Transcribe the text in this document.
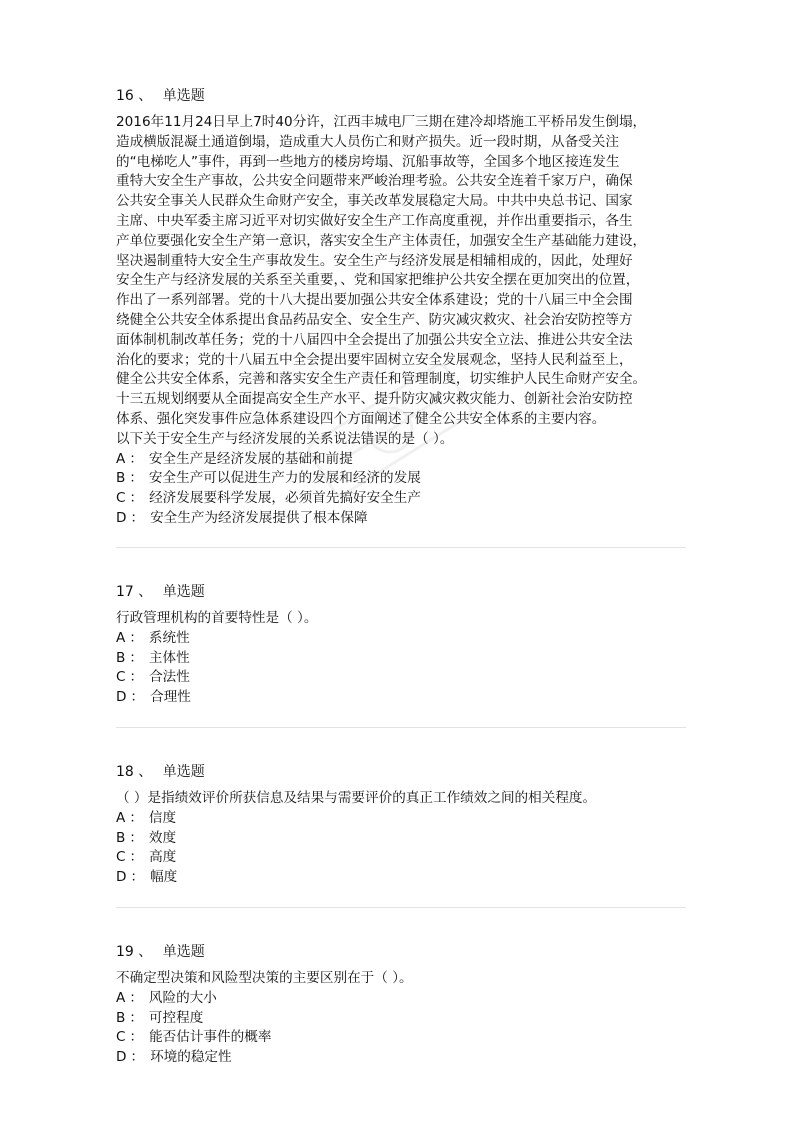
16 、 单选题
2016年11月24日早上7时40分许，江西丰城电厂三期在建冷却塔施工平桥吊发生倒塌，
造成横版混凝土通道倒塌，造成重大人员伤亡和财产损失。近一段时期，从备受关注
的“电梯吃人”事件，再到一些地方的楼房垮塌、沉船事故等，全国多个地区接连发生
重特大安全生产事故，公共安全问题带来严峻治理考验。公共安全连着千家万户，确保
公共安全事关人民群众生命财产安全，事关改革发展稳定大局。中共中央总书记、国家
主席、中央军委主席习近平对切实做好安全生产工作高度重视，并作出重要指示，各生
产单位要强化安全生产第一意识，落实安全生产主体责任，加强安全生产基础能力建设，
坚决遏制重特大安全生产事故发生。安全生产与经济发展是相辅相成的，因此，处理好
安全生产与经济发展的关系至关重要，、党和国家把维护公共安全摆在更加突出的位置，
作出了一系列部署。党的十八大提出要加强公共安全体系建设；党的十八届三中全会围
绕健全公共安全体系提出食品药品安全、安全生产、防灾减灾救灾、社会治安防控等方
面体制机制改革任务；党的十八届四中全会提出了加强公共安全立法、推进公共安全法
治化的要求；党的十八届五中全会提出要牢固树立安全发展观念，坚持人民利益至上，
健全公共安全体系，完善和落实安全生产责任和管理制度，切实维护人民生命财产安全。
十三五规划纲要从全面提高安全生产水平、提升防灾减灾救灾能力、创新社会治安防控
体系、强化突发事件应急体系建设四个方面阐述了健全公共安全体系的主要内容。
以下关于安全生产与经济发展的关系说法错误的是（ ）。
A ： 安全生产是经济发展的基础和前提
B ： 安全生产可以促进生产力的发展和经济的发展
C ： 经济发展要科学发展，必须首先搞好安全生产
D ： 安全生产为经济发展提供了根本保障
17 、 单选题
行政管理机构的首要特性是（ ）。
A ： 系统性
B ： 主体性
C ： 合法性
D ： 合理性
18 、 单选题
（ ）是指绩效评价所获信息及结果与需要评价的真正工作绩效之间的相关程度。
A ： 信度
B ： 效度
C ： 高度
D ： 幅度
19 、 单选题
不确定型决策和风险型决策的主要区别在于（ ）。
A ： 风险的大小
B ： 可控程度
C ： 能否估计事件的概率
D ： 环境的稳定性
